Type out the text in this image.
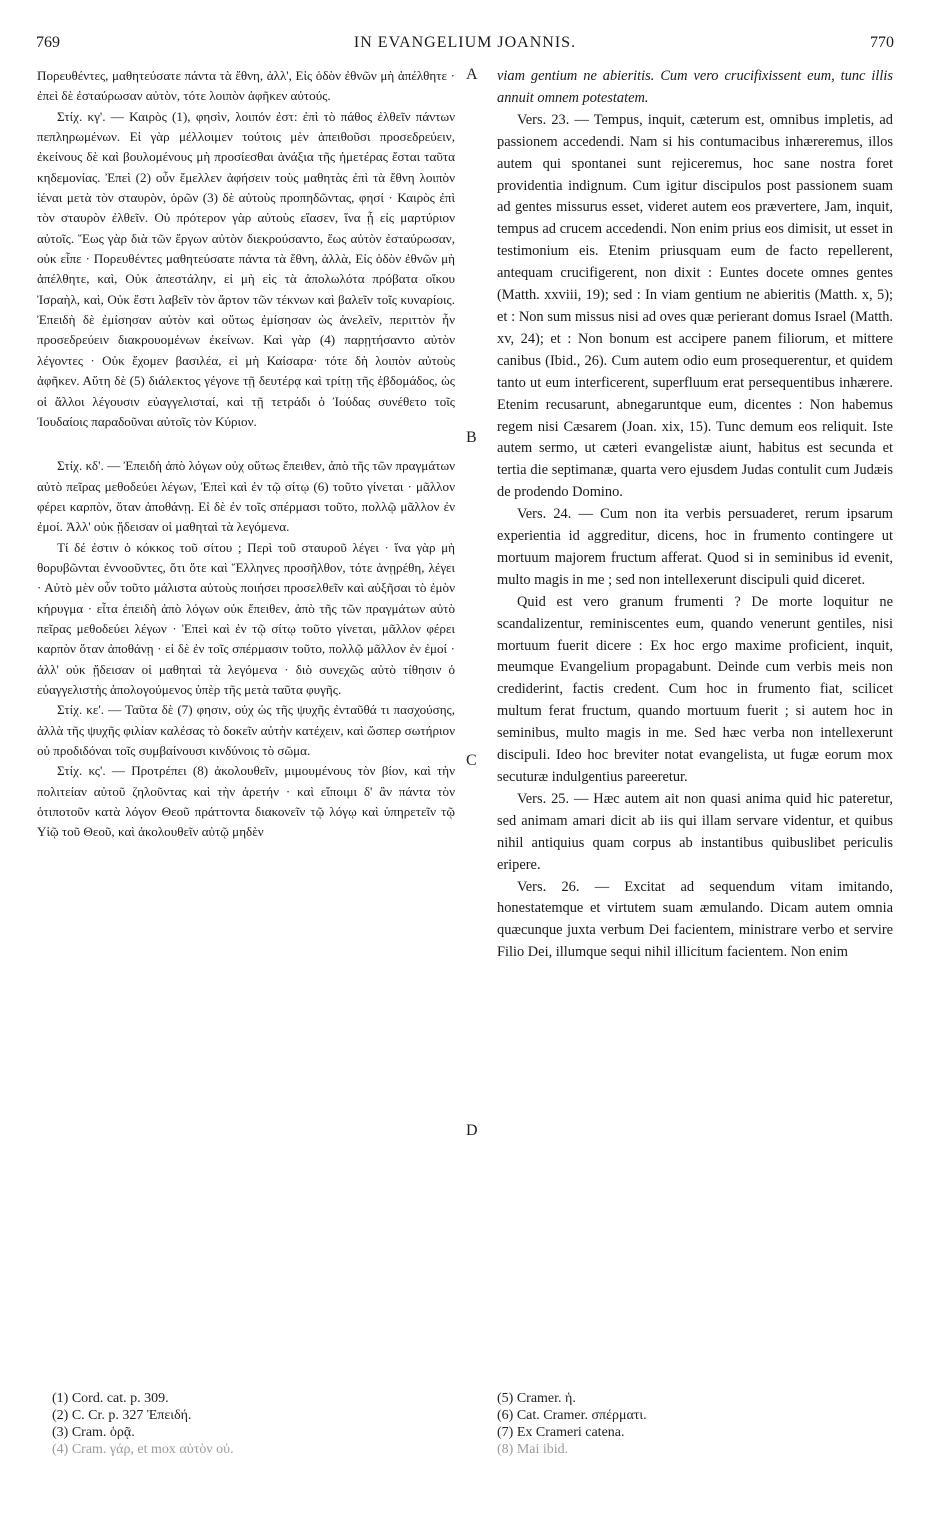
769	IN EVANGELIUM JOANNIS.	770

Πορευθέντες, μαθητεύσατε πάντα τὰ ἔθνη, ἀλλ', Εἰς ὁδὸν ἐθνῶν μὴ ἀπέλθητε · ἐπεὶ δὲ ἐσταύρωσαν αὐτὸν, τότε λοιπὸν ἀφῆκεν αὐτούς.

Στίχ. κγ'. — Καιρὸς (1), φησὶν, λοιπόν ἐστ: ἐπὶ τὸ πάθος ἐλθεῖν πάντων πεπληρωμένων. Εἰ γὰρ μέλλοιμεν τούτοις μὲν ἀπειθοῦσι προσεδρεύειν, ἐκείνους δὲ καὶ βουλομένους μὴ προσίεσθαι ἀνάξια τῆς ἡμετέρας ἔσται ταῦτα κηδεμονίας. Ἐπεὶ (2) οὖν ἔμελλεν ἀφήσειν τοὺς μαθητὰς ἐπὶ τὰ ἔθνη λοιπὸν ἰέναι μετὰ τὸν σταυρὸν, ὁρῶν (3) δὲ αὐτοὺς προπηδῶντας, φησί · Καιρὸς ἐπὶ τὸν σταυρὸν ἐλθεῖν. Οὐ πρότερον γὰρ αὐτοὺς εἴασεν, ἵνα ᾖ εἰς μαρτύριον αὐτοῖς. Ἕως γὰρ διὰ τῶν ἔργων αὐτὸν διεκρούσαντο, ἕως αὐτὸν ἐσταύρωσαν, οὐκ εἶπε · Πορευθέντες μαθητεύσατε πάντα τὰ ἔθνη, ἀλλὰ, Εἰς ὁδὸν ἐθνῶν μὴ ἀπέλθητε, καὶ, Οὐκ ἀπεστάλην, εἰ μὴ εἰς τὰ ἀπολωλότα πρόβατα οἴκου Ἰσραὴλ, καὶ, Οὐκ ἔστι λαβεῖν τὸν ἄρτον τῶν τέκνων καὶ βαλεῖν τοῖς κυναρίοις. Ἐπειδὴ δὲ ἐμίσησαν αὐτὸν καὶ οὕτως ἐμίσησαν ὡς ἀνελεῖν, περιττὸν ἦν προσεδρεύειν διακρουομένων ἐκείνων. Καὶ γὰρ (4) παρῃτήσαντο αὐτὸν λέγοντες · Οὐκ ἔχομεν βασιλέα, εἰ μὴ Καίσαρα· τότε δὴ λοιπὸν αὐτοὺς ἀφῆκεν. Αὕτη δὲ (5) διάλεκτος γέγονε τῇ δευτέρᾳ καὶ τρίτῃ τῆς ἑβδομάδος, ὡς οἱ ἄλλοι λέγουσιν εὐαγγελισταί, καὶ τῇ τετράδι ὁ Ἰούδας συνέθετο τοῖς Ἰουδαίοις παραδοῦναι αὐτοῖς τὸν Κύριον.

Στίχ. κδ'. — Ἐπειδὴ ἀπὸ λόγων οὐχ οὕτως ἔπειθεν, ἀπὸ τῆς τῶν πραγμάτων αὐτὸ πεῖρας μεθοδεύει λέγων, Ἐπεὶ καὶ ἐν τῷ σίτῳ (6) τοῦτο γίνεται · μᾶλλον φέρει καρπὸν, ὅταν ἀποθάνῃ. Εἰ δὲ ἐν τοῖς σπέρμασι τοῦτο, πολλῷ μᾶλλον ἐν ἐμοί. Ἀλλ' οὐκ ᾔδεισαν οἱ μαθηταὶ τὰ λεγόμενα.

Τί δέ ἐστιν ὁ κόκκος τοῦ σίτου ; Περὶ τοῦ σταυροῦ λέγει · ἵνα γὰρ μὴ θορυβῶνται ἐννοοῦντες, ὅτι ὅτε καὶ Ἕλληνες προσῆλθον, τότε ἀνῃρέθη, λέγει · Αὐτὸ μὲν οὖν τοῦτο μάλιστα αὐτοὺς ποιήσει προσελθεῖν καὶ αὐξῆσαι τὸ ἐμὸν κήρυγμα · εἶτα ἐπειδὴ ἀπὸ λόγων οὐκ ἔπειθεν, ἀπὸ τῆς τῶν πραγμάτων αὐτὸ πεῖρας μεθοδεύει λέγων · Ἐπεὶ καὶ ἐν τῷ σίτῳ τοῦτο γίνεται, μᾶλλον φέρει καρπὸν ὅταν ἀποθάνῃ · εἰ δὲ ἐν τοῖς σπέρμασιν τοῦτο, πολλῷ μᾶλλον ἐν ἐμοί · ἀλλ' οὐκ ᾔδεισαν οἱ μαθηταὶ τὰ λεγόμενα · διὸ συνεχῶς αὐτὸ τίθησιν ὁ εὐαγγελιστὴς ἀπολογούμενος ὑπὲρ τῆς μετὰ ταῦτα φυγῆς.

Στίχ. κε'. — Ταῦτα δὲ (7) φησιν, οὐχ ὡς τῆς ψυχῆς ἐνταῦθά τι πασχούσης, ἀλλὰ τῆς ψυχῆς φιλίαν καλέσας τὸ δοκεῖν αὐτὴν κατέχειν, καὶ ὥσπερ σωτήριον οὐ προδιδόναι τοῖς συμβαίνουσι κινδύνοις τὸ σῶμα.

Στίχ. κς'. — Προτρέπει (8) ἀκολουθεῖν, μιμουμένους τὸν βίον, καὶ τὴν πολιτείαν αὐτοῦ ζηλοῦντας καὶ τὴν ἀρετήν · καὶ εἴποιμι δ' ἂν πάντα τὸν ὁτιποτοῦν κατὰ λόγον Θεοῦ πράττοντα διακονεῖν τῷ λόγῳ καὶ ὑπηρετεῖν τῷ Υἱῷ τοῦ Θεοῦ, καὶ ἀκολουθεῖν αὐτῷ μηδὲν

viam gentium ne abieritis. Cum vero crucifixissent eum, tunc illis annuit omnem potestatem.

Vers. 23. — Tempus, inquit, cæterum est, omnibus impletis, ad passionem accedendi. Nam si his contumacibus inhæreremus, illos autem qui spontanei sunt rejiceremus, hoc sane nostra foret providentia indignum. Cum igitur discipulos post passionem suam ad gentes missurus esset, videret autem eos prævertere, Jam, inquit, tempus ad crucem accedendi. Non enim prius eos dimisit, ut esset in testimonium eis. Etenim priusquam eum de facto repellerent, antequam crucifigerent, non dixit : Euntes docete omnes gentes (Matth. xxviii, 19); sed : In viam gentium ne abieritis (Matth. x, 5); et : Non sum missus nisi ad oves quæ perierant domus Israel (Matth. xv, 24); et : Non bonum est accipere panem filiorum, et mittere canibus (Ibid., 26). Cum autem odio eum prosequerentur, et quidem tanto ut eum interficerent, superfluum erat persequentibus inhærere. Etenim recusarunt, abnegaruntque eum, dicentes : Non habemus regem nisi Cæsarem (Joan. xix, 15). Tunc demum eos reliquit. Iste autem sermo, ut cæteri evangelistæ aiunt, habitus est secunda et tertia die septimanæ, quarta vero ejusdem Judas contulit cum Judæis de prodendo Domino.

Vers. 24. — Cum non ita verbis persuaderet, rerum ipsarum experientia id aggreditur, dicens, hoc in frumento contingere ut mortuum majorem fructum afferat. Quod si in seminibus id evenit, multo magis in me ; sed non intellexerunt discipuli quid diceret.

Quid est vero granum frumenti ? De morte loquitur ne scandalizentur, reminiscentes eum, quando venerunt gentiles, nisi mortuum fuerit dicere : Ex hoc ergo maxime proficient, inquit, meumque Evangelium propagabunt. Deinde cum verbis meis non crediderint, factis credent. Cum hoc in frumento fiat, scilicet multum ferat fructum, quando mortuum fuerit ; si autem hoc in seminibus, multo magis in me. Sed hæc verba non intellexerunt discipuli. Ideo hoc breviter notat evangelista, ut fugæ eorum mox secuturæ indulgentius pareeretur.

Vers. 25. — Hæc autem ait non quasi anima quid hic pateretur, sed animam amari dicit ab iis qui illam servare videntur, et quibus nihil antiquius quam corpus ab instantibus quibuslibet periculis eripere.

Vers. 26. — Excitat ad sequendum vitam imitando, honestatemque et virtutem suam æmulando. Dicam autem omnia quæcunque juxta verbum Dei facientem, ministrare verbo et servire Filio Dei, illumque sequi nihil illicitum facientem. Non enim

A
B
C
D
(1) Cord. cat. p. 309.
(2) C. Cr. p. 327 Ἐπειδή.
(3) Cram. ὁρᾷ.
(4) Cram. γάρ, et mox αὐτὸν οὐ.
(5) Cramer. ἡ.
(6) Cat. Cramer. σπέρματι.
(7) Ex Crameri catena.
(8) Mai ibid.
